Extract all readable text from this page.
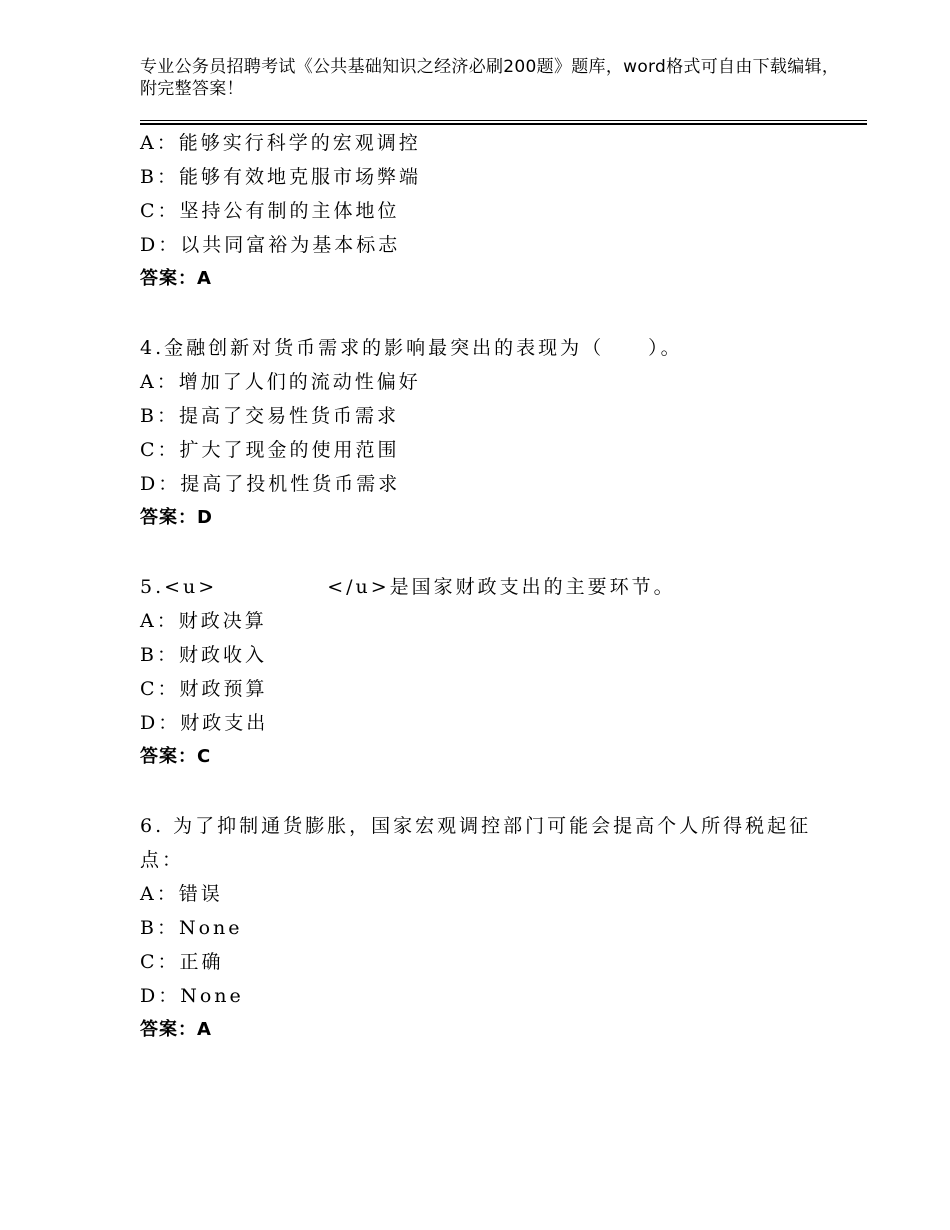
专业公务员招聘考试《公共基础知识之经济必刷200题》题库，word格式可自由下载编辑，附完整答案！
A：能够实行科学的宏观调控
B：能够有效地克服市场弊端
C：坚持公有制的主体地位
D：以共同富裕为基本标志
答案：A
4.金融创新对货币需求的影响最突出的表现为（　　）。
A：增加了人们的流动性偏好
B：提高了交易性货币需求
C：扩大了现金的使用范围
D：提高了投机性货币需求
答案：D
5.<u>　　　　　</u>是国家财政支出的主要环节。
A：财政决算
B：财政收入
C：财政预算
D：财政支出
答案：C
6. 为了抑制通货膨胀，国家宏观调控部门可能会提高个人所得税起征
点：
A：错误
B：None
C：正确
D：None
答案：A
